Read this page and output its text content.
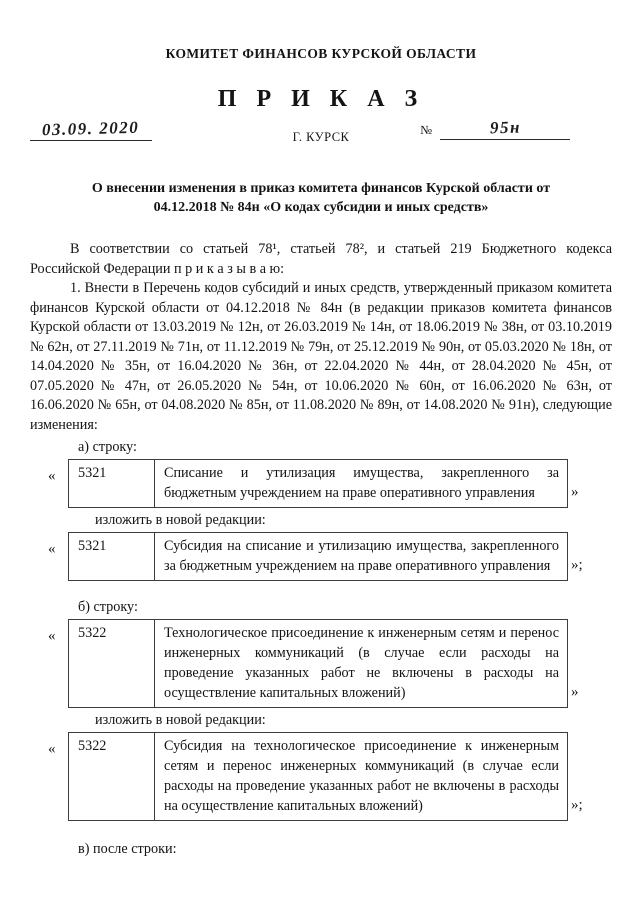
КОМИТЕТ ФИНАНСОВ КУРСКОЙ ОБЛАСТИ
П Р И К А З
03.09. 2020	Г. КУРСК	№	95н
О внесении изменения в приказ комитета финансов Курской области от 04.12.2018 № 84н «О кодах субсидии и иных средств»

В соответствии со статьей 78¹, статьей 78², и статьей 219 Бюджетного кодекса Российской Федерации п р и к а з ы в а ю:

1. Внести в Перечень кодов субсидий и иных средств, утвержденный приказом комитета финансов Курской области от 04.12.2018 № 84н (в редакции приказов комитета финансов Курской области от 13.03.2019 № 12н, от 26.03.2019 № 14н, от 18.06.2019 № 38н, от 03.10.2019 № 62н, от 27.11.2019 № 71н, от 11.12.2019 № 79н, от 25.12.2019 № 90н, от 05.03.2020 № 18н, от 14.04.2020 № 35н, от 16.04.2020 № 36н, от 22.04.2020 № 44н, от 28.04.2020 № 45н, от 07.05.2020 № 47н, от 26.05.2020 № 54н, от 10.06.2020 № 60н, от 16.06.2020 № 63н, от 16.06.2020 № 65н, от 04.08.2020 № 85н, от 11.08.2020 № 89н, от 14.08.2020 № 91н), следующие изменения:

а) строку:
«	5321	Списание и утилизация имущества, закрепленного за бюджетным учреждением на праве оперативного управления »
изложить в новой редакции:
«	5321	Субсидия на списание и утилизацию имущества, закрепленного за бюджетным учреждением на праве оперативного управления »;
б) строку:
«	5322	Технологическое присоединение к инженерным сетям и перенос инженерных коммуникаций (в случае если расходы на проведение указанных работ не включены в расходы на осуществление капитальных вложений)	»
изложить в новой редакции:
«	5322	Субсидия на технологическое присоединение к инженерным сетям и перенос инженерных коммуникаций (в случае если расходы на проведение указанных работ не включены в расходы на осуществление капитальных вложений)	»;
в) после строки:
